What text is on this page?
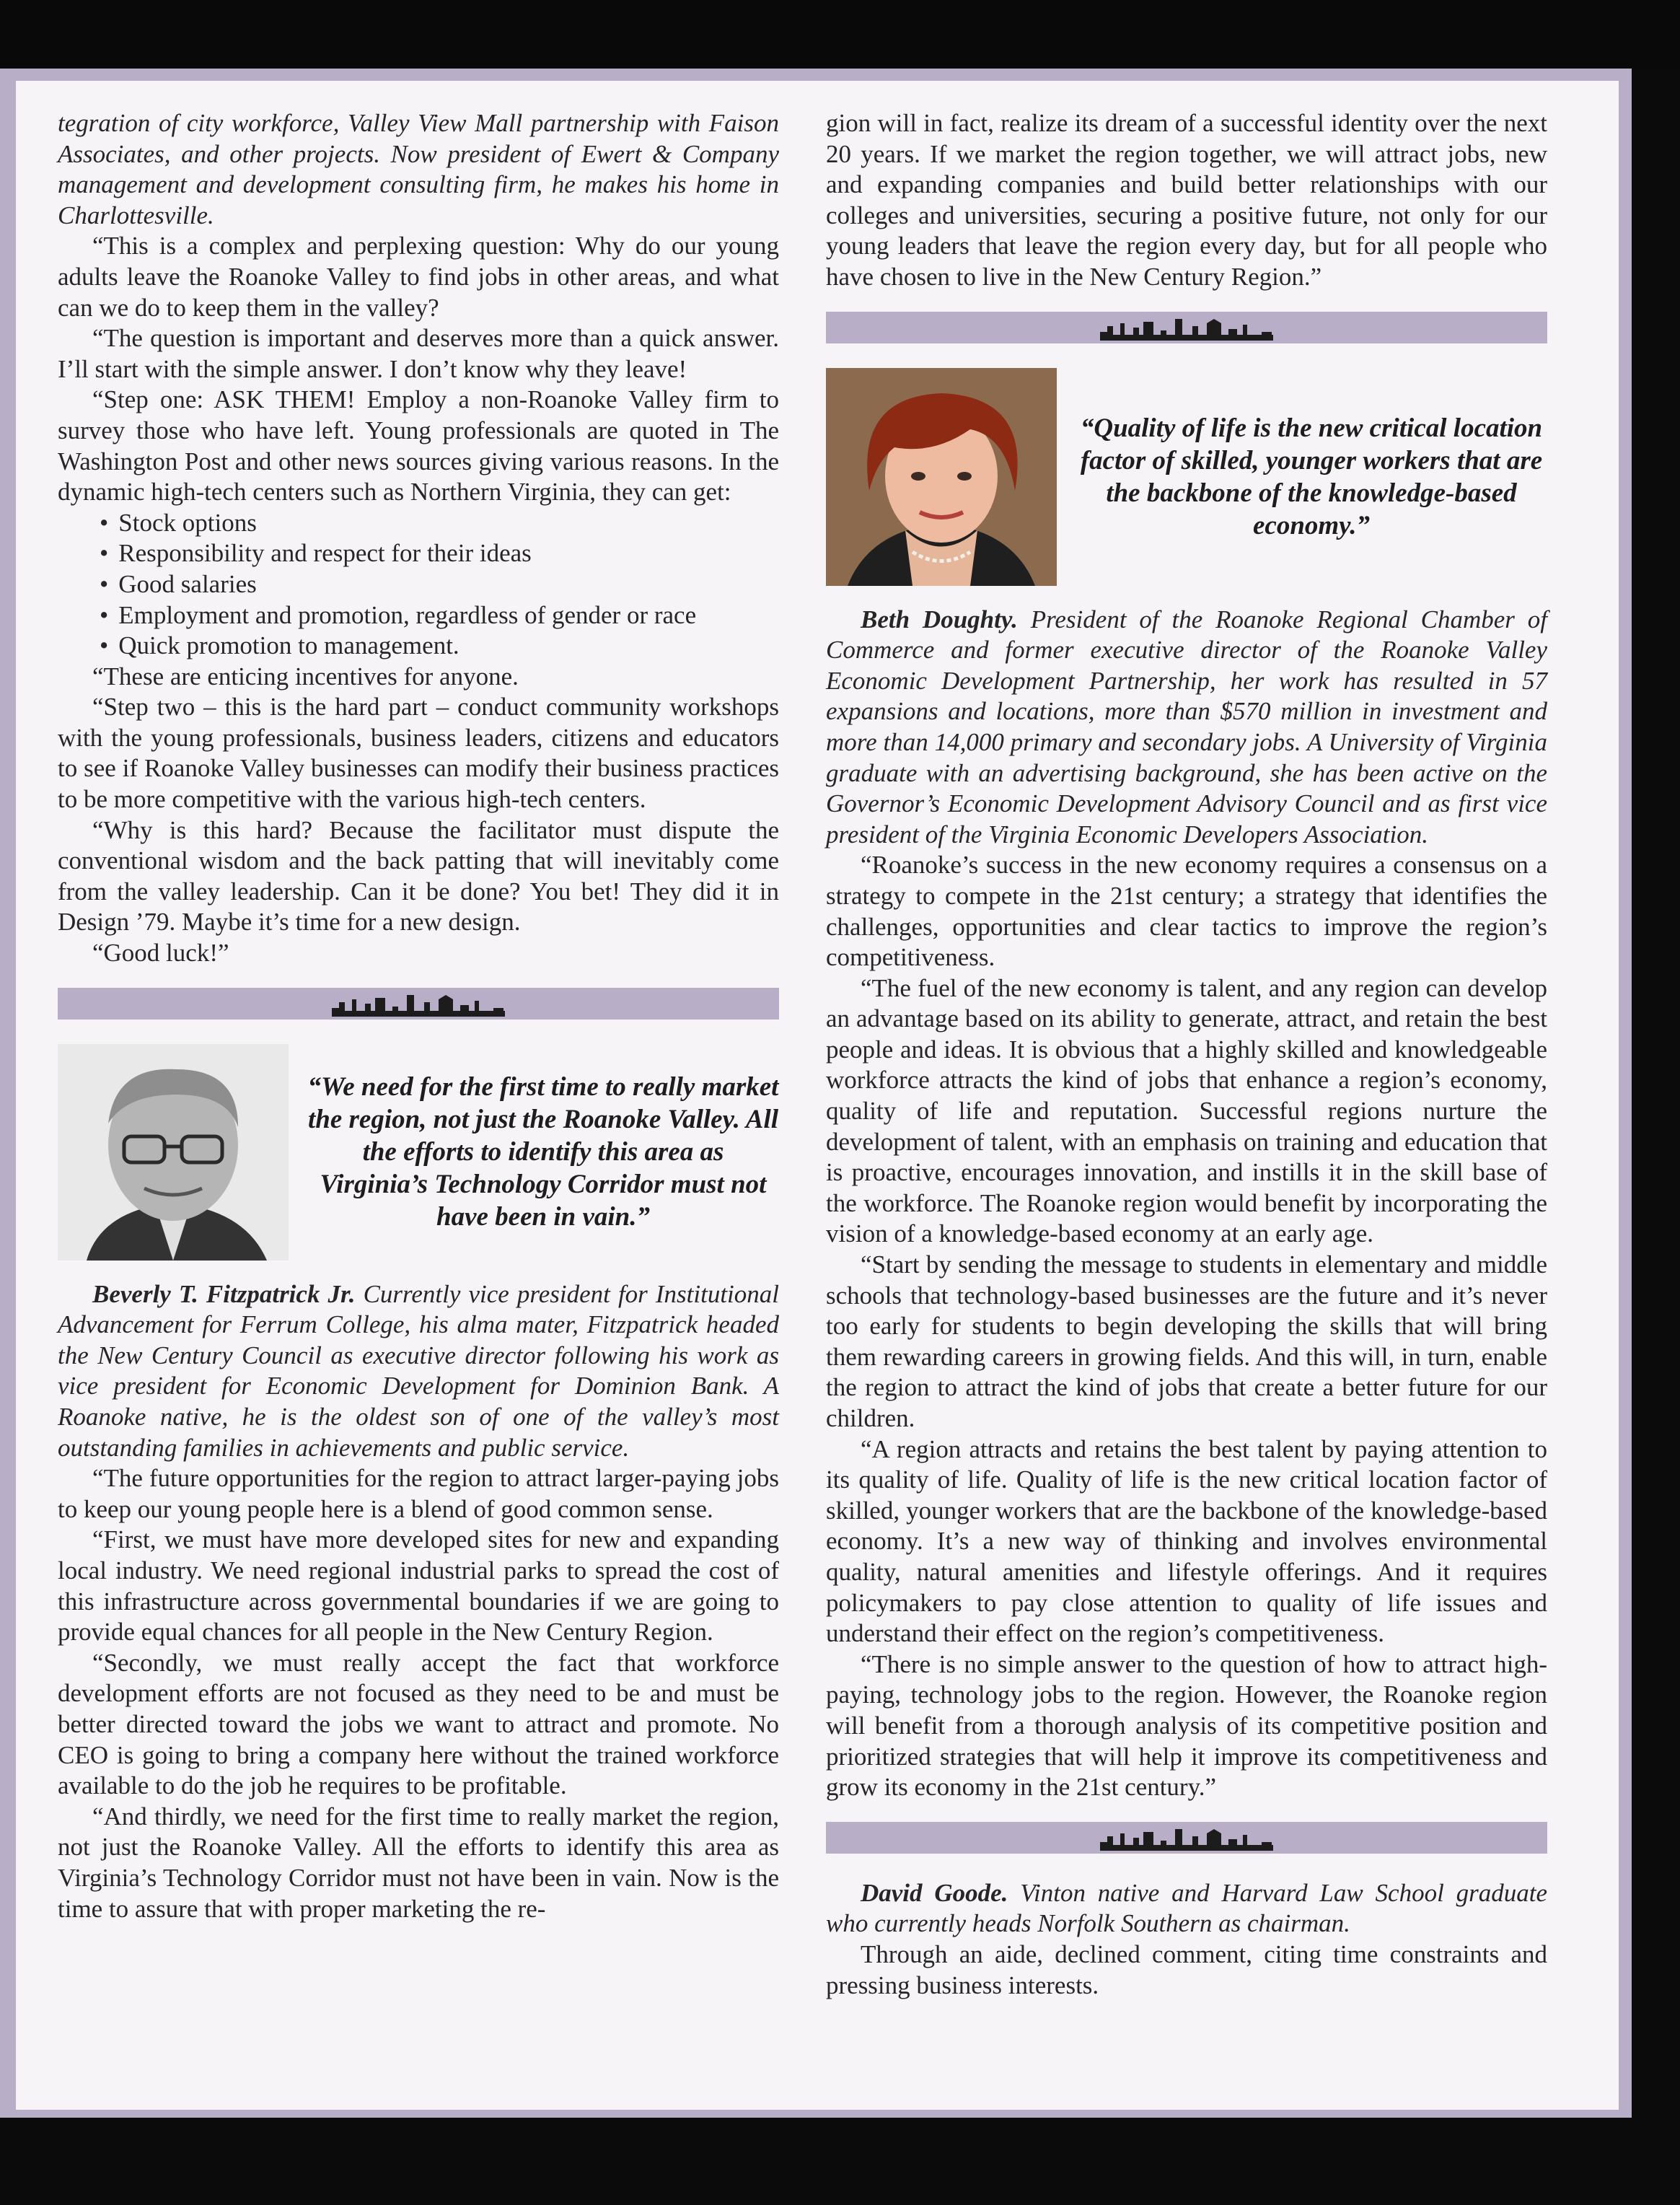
tegration of city workforce, Valley View Mall partnership with Faison Associates, and other projects. Now president of Ewert & Company management and development consulting firm, he makes his home in Charlottesville.

“This is a complex and perplexing question: Why do our young adults leave the Roanoke Valley to find jobs in other areas, and what can we do to keep them in the valley?

“The question is important and deserves more than a quick answer. I’ll start with the simple answer. I don’t know why they leave!

“Step one: ASK THEM! Employ a non-Roanoke Valley firm to survey those who have left. Young professionals are quoted in The Washington Post and other news sources giving various reasons. In the dynamic high-tech centers such as Northern Virginia, they can get:

• Stock options
• Responsibility and respect for their ideas
• Good salaries
• Employment and promotion, regardless of gender or race
• Quick promotion to management.

“These are enticing incentives for anyone.

“Step two – this is the hard part – conduct community workshops with the young professionals, business leaders, citizens and educators to see if Roanoke Valley businesses can modify their business practices to be more competitive with the various high-tech centers.

“Why is this hard? Because the facilitator must dispute the conventional wisdom and the back patting that will inevitably come from the valley leadership. Can it be done? You bet! They did it in Design ’79. Maybe it’s time for a new design.

“Good luck!”

“We need for the first time to really market the region, not just the Roanoke Valley. All the efforts to identify this area as Virginia’s Technology Corridor must not have been in vain.”

Beverly T. Fitzpatrick Jr. Currently vice president for Institutional Advancement for Ferrum College, his alma mater, Fitzpatrick headed the New Century Council as executive director following his work as vice president for Economic Development for Dominion Bank. A Roanoke native, he is the oldest son of one of the valley’s most outstanding families in achievements and public service.

“The future opportunities for the region to attract larger-paying jobs to keep our young people here is a blend of good common sense.

“First, we must have more developed sites for new and expanding local industry. We need regional industrial parks to spread the cost of this infrastructure across governmental boundaries if we are going to provide equal chances for all people in the New Century Region.

“Secondly, we must really accept the fact that workforce development efforts are not focused as they need to be and must be better directed toward the jobs we want to attract and promote. No CEO is going to bring a company here without the trained workforce available to do the job he requires to be profitable.

“And thirdly, we need for the first time to really market the region, not just the Roanoke Valley. All the efforts to identify this area as Virginia’s Technology Corridor must not have been in vain. Now is the time to assure that with proper marketing the re-

gion will in fact, realize its dream of a successful identity over the next 20 years. If we market the region together, we will attract jobs, new and expanding companies and build better relationships with our colleges and universities, securing a positive future, not only for our young leaders that leave the region every day, but for all people who have chosen to live in the New Century Region.”

“Quality of life is the new critical location factor of skilled, younger workers that are the backbone of the knowledge-based economy.”

Beth Doughty. President of the Roanoke Regional Chamber of Commerce and former executive director of the Roanoke Valley Economic Development Partnership, her work has resulted in 57 expansions and locations, more than $570 million in investment and more than 14,000 primary and secondary jobs. A University of Virginia graduate with an advertising background, she has been active on the Governor’s Economic Development Advisory Council and as first vice president of the Virginia Economic Developers Association.

“Roanoke’s success in the new economy requires a consensus on a strategy to compete in the 21st century; a strategy that identifies the challenges, opportunities and clear tactics to improve the region’s competitiveness.

“The fuel of the new economy is talent, and any region can develop an advantage based on its ability to generate, attract, and retain the best people and ideas. It is obvious that a highly skilled and knowledgeable workforce attracts the kind of jobs that enhance a region’s economy, quality of life and reputation. Successful regions nurture the development of talent, with an emphasis on training and education that is proactive, encourages innovation, and instills it in the skill base of the workforce. The Roanoke region would benefit by incorporating the vision of a knowledge-based economy at an early age.

“Start by sending the message to students in elementary and middle schools that technology-based businesses are the future and it’s never too early for students to begin developing the skills that will bring them rewarding careers in growing fields. And this will, in turn, enable the region to attract the kind of jobs that create a better future for our children.

“A region attracts and retains the best talent by paying attention to its quality of life. Quality of life is the new critical location factor of skilled, younger workers that are the backbone of the knowledge-based economy. It’s a new way of thinking and involves environmental quality, natural amenities and lifestyle offerings. And it requires policymakers to pay close attention to quality of life issues and understand their effect on the region’s competitiveness.

“There is no simple answer to the question of how to attract high-paying, technology jobs to the region. However, the Roanoke region will benefit from a thorough analysis of its competitive position and prioritized strategies that will help it improve its competitiveness and grow its economy in the 21st century.”

David Goode. Vinton native and Harvard Law School graduate who currently heads Norfolk Southern as chairman.

Through an aide, declined comment, citing time constraints and pressing business interests.
